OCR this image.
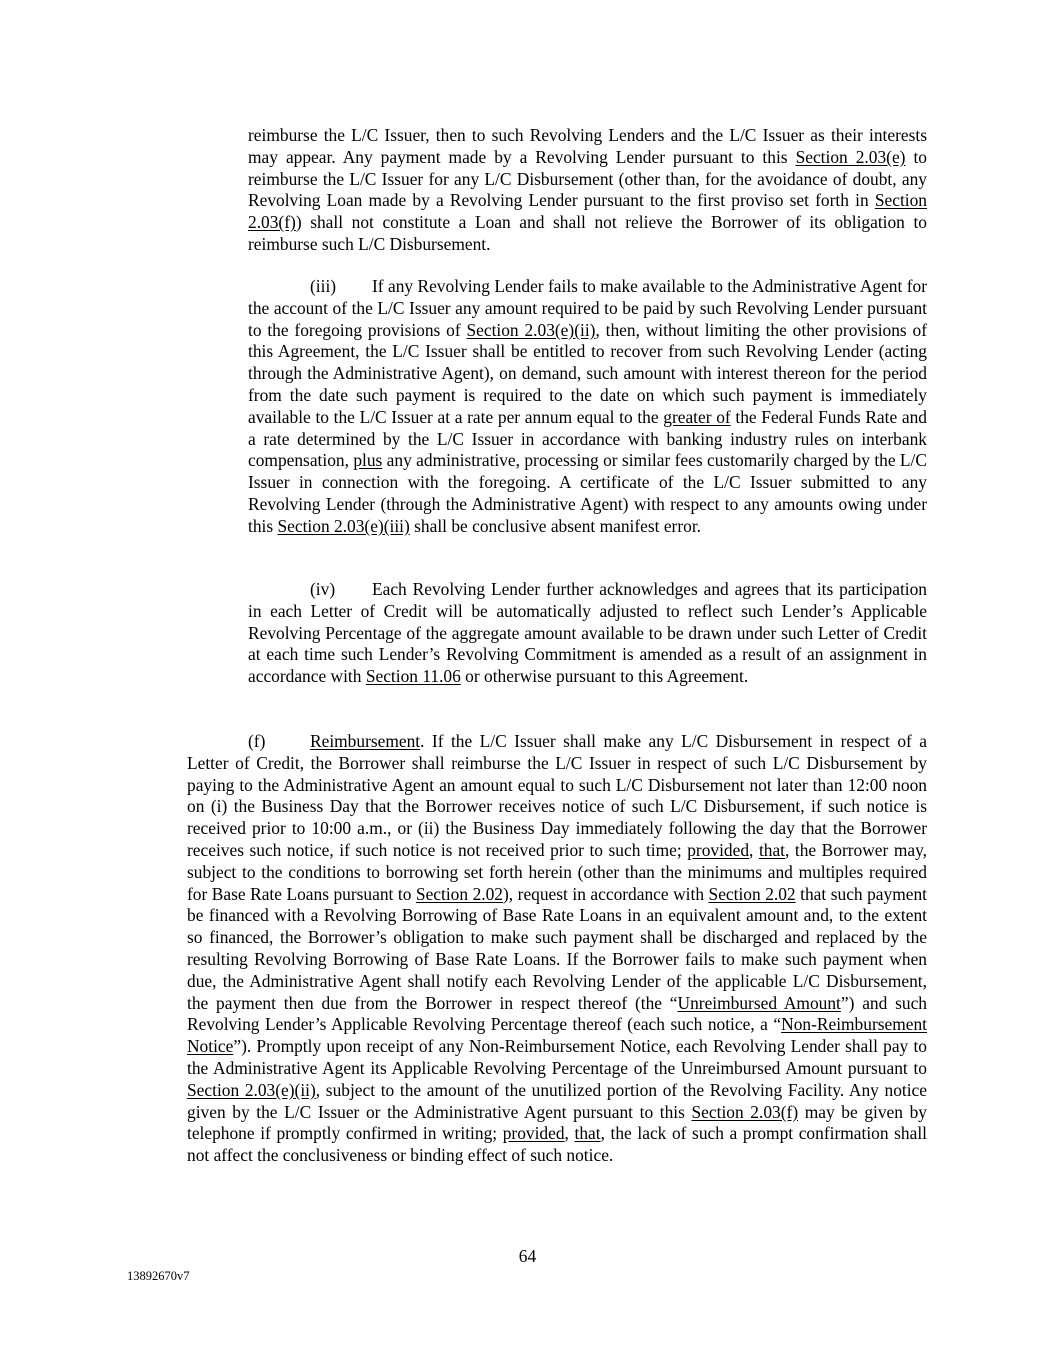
reimburse the L/C Issuer, then to such Revolving Lenders and the L/C Issuer as their interests may appear. Any payment made by a Revolving Lender pursuant to this Section 2.03(e) to reimburse the L/C Issuer for any L/C Disbursement (other than, for the avoidance of doubt, any Revolving Loan made by a Revolving Lender pursuant to the first proviso set forth in Section 2.03(f)) shall not constitute a Loan and shall not relieve the Borrower of its obligation to reimburse such L/C Disbursement.

(iii) If any Revolving Lender fails to make available to the Administrative Agent for the account of the L/C Issuer any amount required to be paid by such Revolving Lender pursuant to the foregoing provisions of Section 2.03(e)(ii), then, without limiting the other provisions of this Agreement, the L/C Issuer shall be entitled to recover from such Revolving Lender (acting through the Administrative Agent), on demand, such amount with interest thereon for the period from the date such payment is required to the date on which such payment is immediately available to the L/C Issuer at a rate per annum equal to the greater of the Federal Funds Rate and a rate determined by the L/C Issuer in accordance with banking industry rules on interbank compensation, plus any administrative, processing or similar fees customarily charged by the L/C Issuer in connection with the foregoing. A certificate of the L/C Issuer submitted to any Revolving Lender (through the Administrative Agent) with respect to any amounts owing under this Section 2.03(e)(iii) shall be conclusive absent manifest error.

(iv) Each Revolving Lender further acknowledges and agrees that its participation in each Letter of Credit will be automatically adjusted to reflect such Lender’s Applicable Revolving Percentage of the aggregate amount available to be drawn under such Letter of Credit at each time such Lender’s Revolving Commitment is amended as a result of an assignment in accordance with Section 11.06 or otherwise pursuant to this Agreement.

(f)	Reimbursement. If the L/C Issuer shall make any L/C Disbursement in respect of a Letter of Credit, the Borrower shall reimburse the L/C Issuer in respect of such L/C Disbursement by paying to the Administrative Agent an amount equal to such L/C Disbursement not later than 12:00 noon on (i) the Business Day that the Borrower receives notice of such L/C Disbursement, if such notice is received prior to 10:00 a.m., or (ii) the Business Day immediately following the day that the Borrower receives such notice, if such notice is not received prior to such time; provided, that, the Borrower may, subject to the conditions to borrowing set forth herein (other than the minimums and multiples required for Base Rate Loans pursuant to Section 2.02), request in accordance with Section 2.02 that such payment be financed with a Revolving Borrowing of Base Rate Loans in an equivalent amount and, to the extent so financed, the Borrower’s obligation to make such payment shall be discharged and replaced by the resulting Revolving Borrowing of Base Rate Loans. If the Borrower fails to make such payment when due, the Administrative Agent shall notify each Revolving Lender of the applicable L/C Disbursement, the payment then due from the Borrower in respect thereof (the “Unreimbursed Amount”) and such Revolving Lender’s Applicable Revolving Percentage thereof (each such notice, a “Non-Reimbursement Notice”). Promptly upon receipt of any Non-Reimbursement Notice, each Revolving Lender shall pay to the Administrative Agent its Applicable Revolving Percentage of the Unreimbursed Amount pursuant to Section 2.03(e)(ii), subject to the amount of the unutilized portion of the Revolving Facility. Any notice given by the L/C Issuer or the Administrative Agent pursuant to this Section 2.03(f) may be given by telephone if promptly confirmed in writing; provided, that, the lack of such a prompt confirmation shall not affect the conclusiveness or binding effect of such notice.

64
13892670v7
